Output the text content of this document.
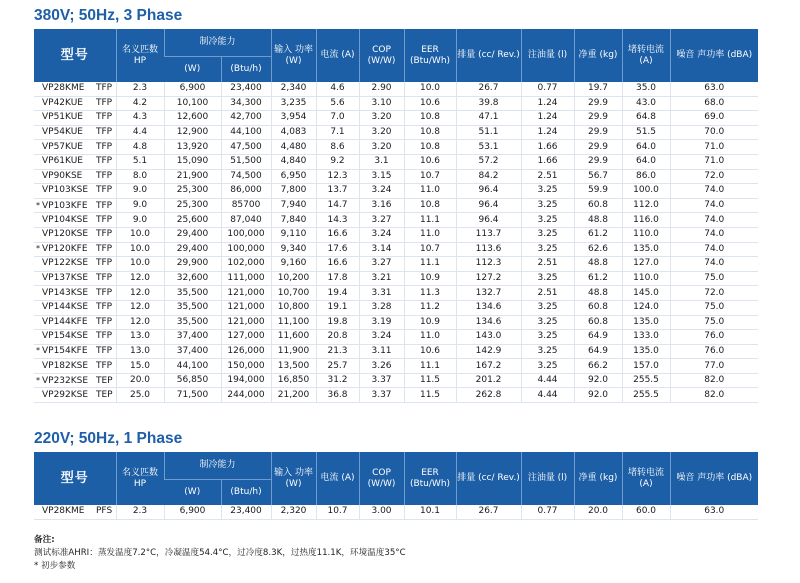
380V; 50Hz, 3 Phase
型号	名义匹数 HP	制冷能力		输入 功率 (W)	电流 (A)	COP (W/W)	EER (Btu/Wh)	排量 (cc/ Rev.)	注油量 (l)	净重 (kg)	堵转电流 (A)	噪音 声功率 (dBA)
		(W)	(Btu/h)									
VP28KME TFP	2.3	6,900	23,400	2,340	4.6	2.90	10.0	26.7	0.77	19.7	35.0	63.0
VP42KUE TFP	4.2	10,100	34,300	3,235	5.6	3.10	10.6	39.8	1.24	29.9	43.0	68.0
VP51KUE TFP	4.3	12,600	42,700	3,954	7.0	3.20	10.8	47.1	1.24	29.9	64.8	69.0
VP54KUE TFP	4.4	12,900	44,100	4,083	7.1	3.20	10.8	51.1	1.24	29.9	51.5	70.0
VP57KUE TFP	4.8	13,920	47,500	4,480	8.6	3.20	10.8	53.1	1.66	29.9	64.0	71.0
VP61KUE TFP	5.1	15,090	51,500	4,840	9.2	3.1	10.6	57.2	1.66	29.9	64.0	71.0
VP90KSE TFP	8.0	21,900	74,500	6,950	12.3	3.15	10.7	84.2	2.51	56.7	86.0	72.0
VP103KSE TFP	9.0	25,300	86,000	7,800	13.7	3.24	11.0	96.4	3.25	59.9	100.0	74.0
* VP103KFE TFP	9.0	25,300	85700	7,940	14.7	3.16	10.8	96.4	3.25	60.8	112.0	74.0
VP104KSE TFP	9.0	25,600	87,040	7,840	14.3	3.27	11.1	96.4	3.25	48.8	116.0	74.0
VP120KSE TFP	10.0	29,400	100,000	9,110	16.6	3.24	11.0	113.7	3.25	61.2	110.0	74.0
* VP120KFE TFP	10.0	29,400	100,000	9,340	17.6	3.14	10.7	113.6	3.25	62.6	135.0	74.0
VP122KSE TFP	10.0	29,900	102,000	9,160	16.6	3.27	11.1	112.3	2.51	48.8	127.0	74.0
VP137KSE TFP	12.0	32,600	111,000	10,200	17.8	3.21	10.9	127.2	3.25	61.2	110.0	75.0
VP143KSE TFP	12.0	35,500	121,000	10,700	19.4	3.31	11.3	132.7	2.51	48.8	145.0	72.0
VP144KSE TFP	12.0	35,500	121,000	10,800	19.1	3.28	11.2	134.6	3.25	60.8	124.0	75.0
VP144KFE TFP	12.0	35,500	121,000	11,100	19.8	3.19	10.9	134.6	3.25	60.8	135.0	75.0
VP154KSE TFP	13.0	37,400	127,000	11,600	20.8	3.24	11.0	143.0	3.25	64.9	133.0	76.0
* VP154KFE TFP	13.0	37,400	126,000	11,900	21.3	3.11	10.6	142.9	3.25	64.9	135.0	76.0
VP182KSE TFP	15.0	44,100	150,000	13,500	25.7	3.26	11.1	167.2	3.25	66.2	157.0	77.0
* VP232KSE TEP	20.0	56,850	194,000	16,850	31.2	3.37	11.5	201.2	4.44	92.0	255.5	82.0
VP292KSE TEP	25.0	71,500	244,000	21,200	36.8	3.37	11.5	262.8	4.44	92.0	255.5	82.0
220V; 50Hz, 1 Phase
型号	名义匹数 HP	制冷能力		输入 功率 (W)	电流 (A)	COP (W/W)	EER (Btu/Wh)	排量 (cc/ Rev.)	注油量 (l)	净重 (kg)	堵转电流 (A)	噪音 声功率 (dBA)
		(W)	(Btu/h)									
VP28KME PFS	2.3	6,900	23,400	2,320	10.7	3.00	10.1	26.7	0.77	20.0	60.0	63.0
备注:
测试标准AHRI：蒸发温度7.2°C，冷凝温度54.4°C，过冷度8.3K，过热度11.1K，环境温度35°C
* 初步参数
